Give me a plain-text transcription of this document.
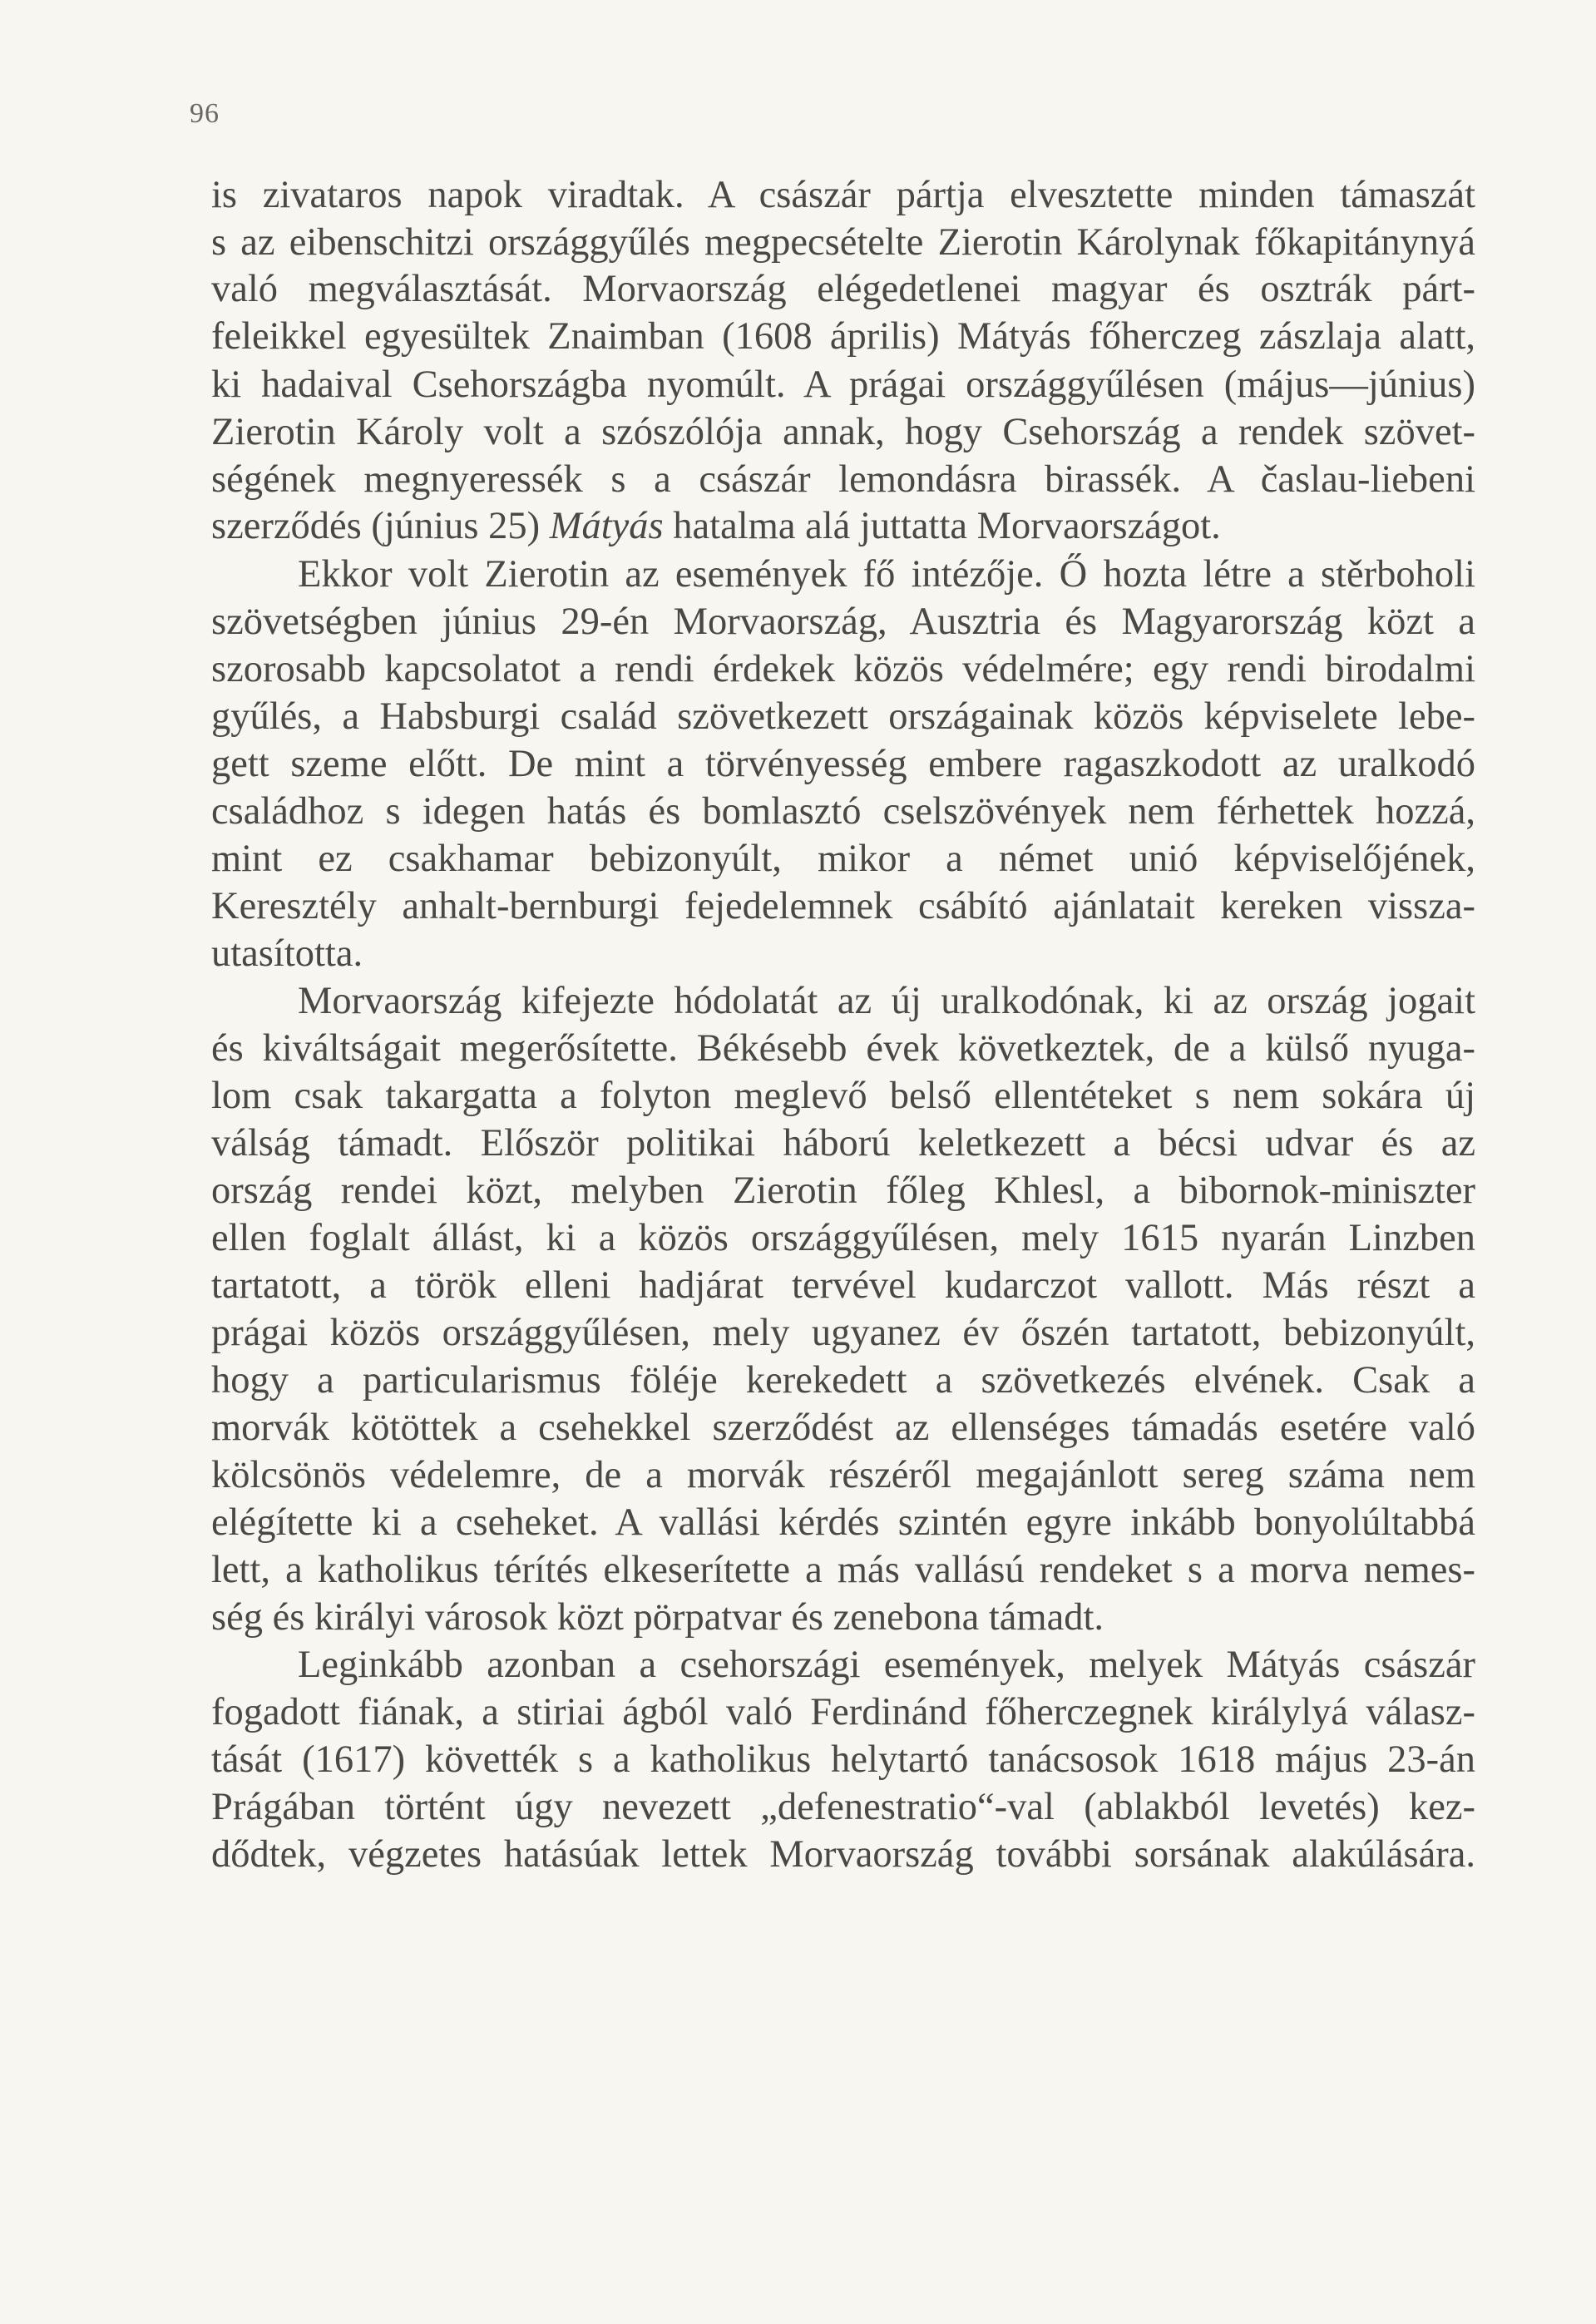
96
is zivataros napok viradtak. A császár pártja elvesztette minden támaszát
s az eibenschitzi országgyűlés megpecsételte Zierotin Károlynak főkapitánynyá
való megválasztását. Morvaország elégedetlenei magyar és osztrák párt-
feleikkel egyesültek Znaimban (1608 április) Mátyás főherczeg zászlaja alatt,
ki hadaival Csehországba nyomúlt. A prágai országgyűlésen (május—június)
Zierotin Károly volt a szószólója annak, hogy Csehország a rendek szövet-
ségének megnyeressék s a császár lemondásra birassék. A časlau-liebeni
szerződés (június 25) Mátyás hatalma alá juttatta Morvaországot.
Ekkor volt Zierotin az események fő intézője. Ő hozta létre a stěrboholi
szövetségben június 29-én Morvaország, Ausztria és Magyarország közt a
szorosabb kapcsolatot a rendi érdekek közös védelmére; egy rendi birodalmi
gyűlés, a Habsburgi család szövetkezett országainak közös képviselete lebe-
gett szeme előtt. De mint a törvényesség embere ragaszkodott az uralkodó
családhoz s idegen hatás és bomlasztó cselszövények nem férhettek hozzá,
mint ez csakhamar bebizonyúlt, mikor a német unió képviselőjének,
Keresztély anhalt-bernburgi fejedelemnek csábító ajánlatait kereken vissza-
utasította.
Morvaország kifejezte hódolatát az új uralkodónak, ki az ország jogait
és kiváltságait megerősítette. Békésebb évek következtek, de a külső nyuga-
lom csak takargatta a folyton meglevő belső ellentéteket s nem sokára új
válság támadt. Először politikai háború keletkezett a bécsi udvar és az
ország rendei közt, melyben Zierotin főleg Khlesl, a bibornok-miniszter
ellen foglalt állást, ki a közös országgyűlésen, mely 1615 nyarán Linzben
tartatott, a török elleni hadjárat tervével kudarczot vallott. Más részt a
prágai közös országgyűlésen, mely ugyanez év őszén tartatott, bebizonyúlt,
hogy a particularismus föléje kerekedett a szövetkezés elvének. Csak a
morvák kötöttek a csehekkel szerződést az ellenséges támadás esetére való
kölcsönös védelemre, de a morvák részéről megajánlott sereg száma nem
elégítette ki a cseheket. A vallási kérdés szintén egyre inkább bonyolúltabbá
lett, a katholikus térítés elkeserítette a más vallású rendeket s a morva nemes-
ség és királyi városok közt pörpatvar és zenebona támadt.
Leginkább azonban a csehországi események, melyek Mátyás császár
fogadott fiának, a stiriai ágból való Ferdinánd főherczegnek királylyá válasz-
tását (1617) követték s a katholikus helytartó tanácsosok 1618 május 23-án
Prágában történt úgy nevezett „defenestratio“-val (ablakból levetés) kez-
dődtek, végzetes hatásúak lettek Morvaország további sorsának alakúlására.
